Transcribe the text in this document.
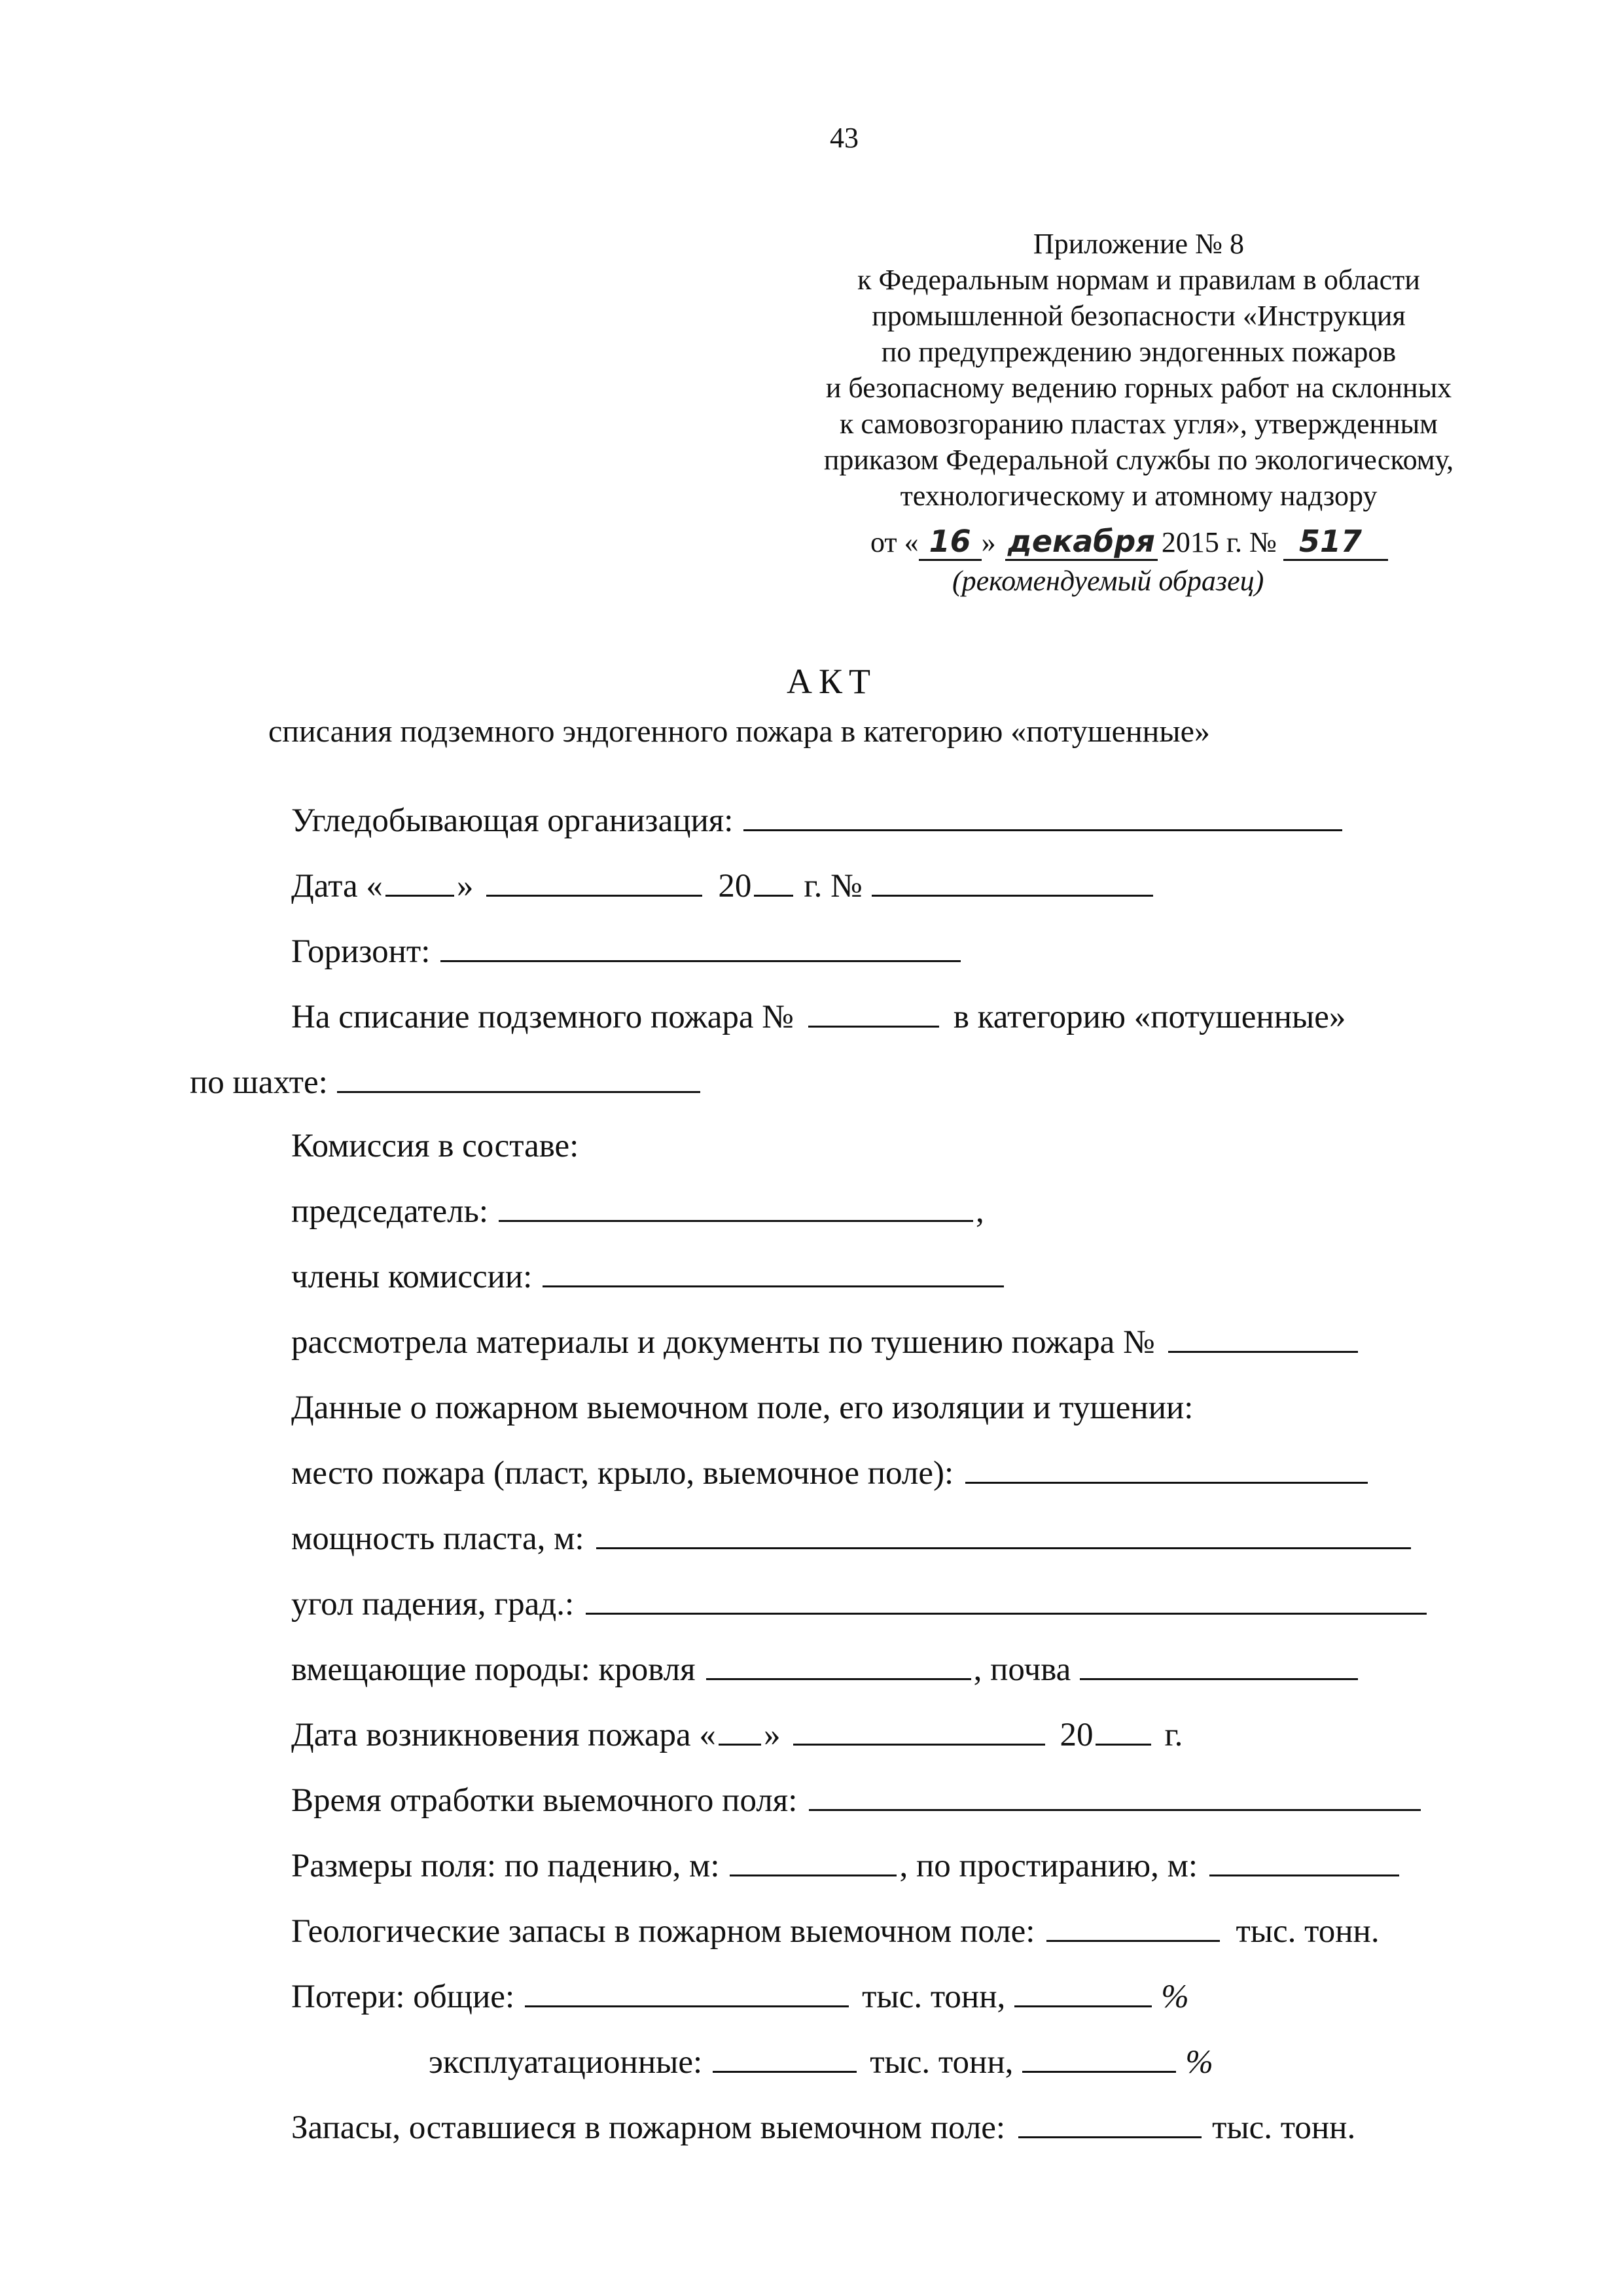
43
Приложение № 8
к Федеральным нормам и правилам в области
промышленной безопасности «Инструкция
по предупреждению эндогенных пожаров
и безопасному ведению горных работ на склонных
к самовозгоранию пластах угля», утвержденным
приказом Федеральной службы по экологическому,
технологическому и атомному надзору
от « 16 » декабря 2015 г. № 517
(рекомендуемый образец)
АКТ
списания подземного эндогенного пожара в категорию «потушенные»
Угледобывающая организация:
Дата « »	20 г. №
Горизонт:
На списание подземного пожара №	в категорию «потушенные»
по шахте:
Комиссия в составе:
председатель:	,
члены комиссии:
рассмотрела материалы и документы по тушению пожара №
Данные о пожарном выемочном поле, его изоляции и тушении:
место пожара (пласт, крыло, выемочное поле):
мощность пласта, м:
угол падения, град.:
вмещающие породы: кровля	, почва
Дата возникновения пожара « »	20 г.
Время отработки выемочного поля:
Размеры поля: по падению, м:	, по простиранию, м:
Геологические запасы в пожарном выемочном поле:	тыс. тонн.
Потери: общие:	тыс. тонн,	%
эксплуатационные:	тыс. тонн,	%
Запасы, оставшиеся в пожарном выемочном поле:	тыс. тонн.
